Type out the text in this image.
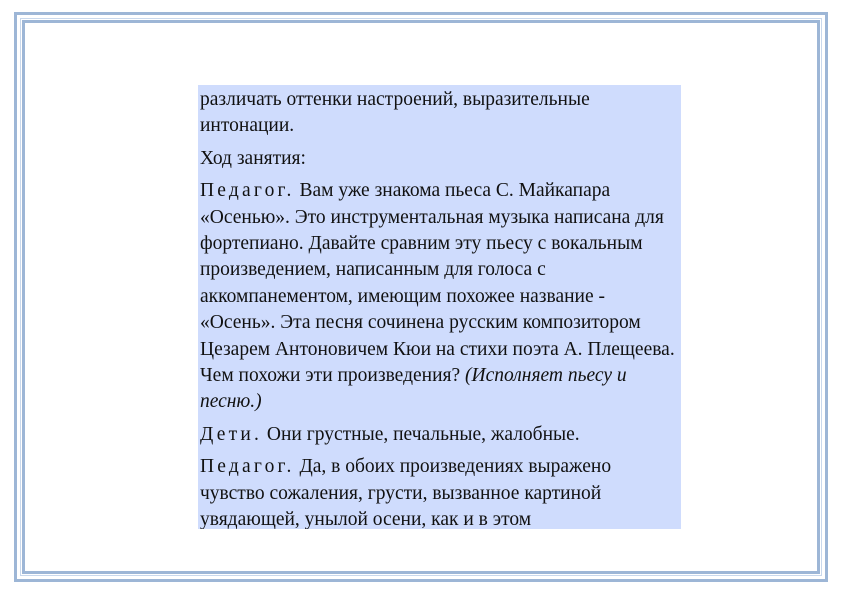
различать оттенки настроений, выразительные интонации.

Ход занятия:

Педагог. Вам уже знакома пьеса С. Майкапара «Осенью». Это инструментальная музыка написана для фортепиано. Давайте сравним эту пьесу с вокальным произведением, написанным для голоса с аккомпанементом, имеющим похожее название - «Осень». Эта песня сочинена русским композитором Цезарем Антоновичем Кюи на стихи поэта А. Плещеева. Чем похожи эти произведения? (Исполняет пьесу и песню.)

Дети. Они грустные, печальные, жалобные.

Педагог. Да, в обоих произведениях выражено чувство сожаления, грусти, вызванное картиной увядающей, унылой осени, как и в этом
